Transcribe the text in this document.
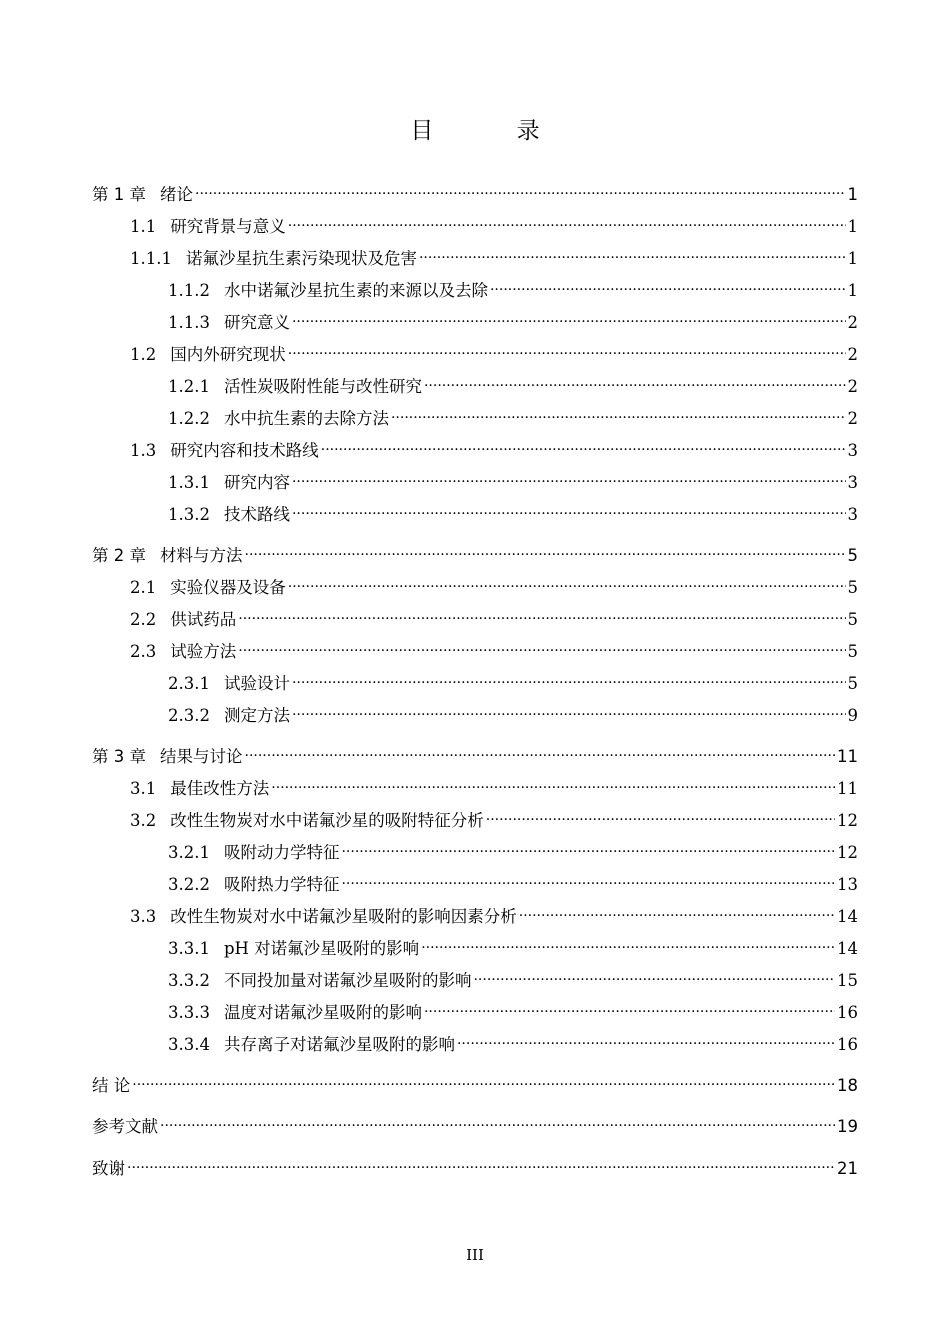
目 录
第 1 章 绪论 .....	1
1.1 研究背景与意义 .....	1
1.1.1 诺氟沙星抗生素污染现状及危害 .....	1
1.1.2 水中诺氟沙星抗生素的来源以及去除 .....	1
1.1.3 研究意义 .....	2
1.2 国内外研究现状 .....	2
1.2.1 活性炭吸附性能与改性研究 .....	2
1.2.2 水中抗生素的去除方法 .....	2
1.3 研究内容和技术路线 .....	3
1.3.1 研究内容 .....	3
1.3.2 技术路线 .....	3
第 2 章 材料与方法 .....	5
2.1 实验仪器及设备 .....	5
2.2 供试药品 .....	5
2.3 试验方法 .....	5
2.3.1 试验设计 .....	5
2.3.2 测定方法 .....	9
第 3 章 结果与讨论 .....	11
3.1 最佳改性方法 .....	11
3.2 改性生物炭对水中诺氟沙星的吸附特征分析 .....	12
3.2.1 吸附动力学特征 .....	12
3.2.2 吸附热力学特征 .....	13
3.3 改性生物炭对水中诺氟沙星吸附的影响因素分析 .....	14
3.3.1 pH 对诺氟沙星吸附的影响 .....	14
3.3.2 不同投加量对诺氟沙星吸附的影响 .....	15
3.3.3 温度对诺氟沙星吸附的影响 .....	16
3.3.4 共存离子对诺氟沙星吸附的影响 .....	16
结 论 .....	18
参考文献 .....	19
致谢 .....	21
III
